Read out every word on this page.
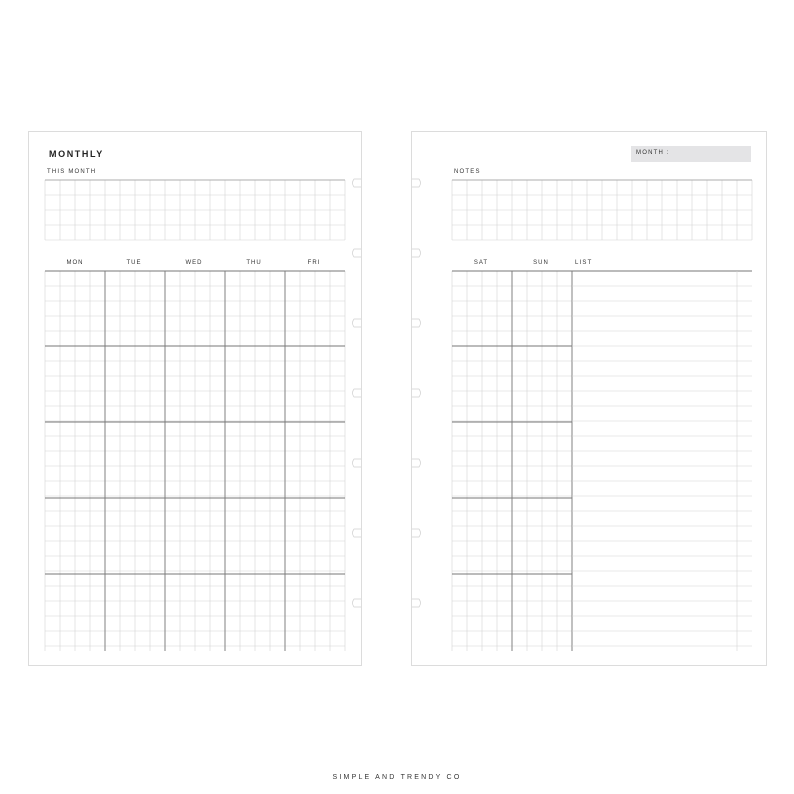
MONTHLY
THIS MONTH
MON	TUE	WED	THU	FRI
MONTH :
NOTES
SAT	SUN	LIST
SIMPLE AND TRENDY CO
